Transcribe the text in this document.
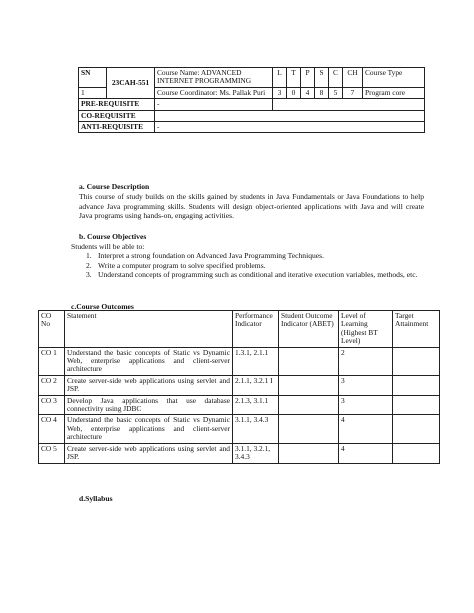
SN	23CAH-551	Course Name: ADVANCED INTERNET PROGRAMMING	L	T	P	S	C	CH	Course Type
1		Course Coordinator: Ms. Pallak Puri	3	0	4	8	5	7	Program core
PRE-REQUISITE		-							
CO-REQUISITE									
ANTI-REQUISITE		-							
a. Course Description
This course of study builds on the skills gained by students in Java Fundamentals or Java Foundations to help advance Java programming skills. Students will design object-oriented applications with Java and will create Java programs using hands-on, engaging activities.
b. Course Objectives
Students will be able to:
1. Interpret a strong foundation on Advanced Java Programming Techniques.
2. Write a computer program to solve specified problems.
3. Understand concepts of programming such as conditional and iterative execution variables, methods, etc.
c.Course Outcomes
CO No	Statement	Performance Indicator	Student Outcome Indicator (ABET)	Level of Learning (Highest BT Level)	Target Attainment
CO 1	Understand the basic concepts of Static vs Dynamic Web, enterprise applications and client-server architecture	1.3.1, 2.1.1		2	
CO 2	Create server-side web applications using servlet and JSP.	2.1.1, 3.2.1 I		3	
CO 3	Develop Java applications that use database connectivity using JDBC	2.1.3, 3.1.1		3	
CO 4	Understand the basic concepts of Static vs Dynamic Web, enterprise applications and client-server architecture	3.1.1, 3.4.3		4	
CO 5	Create server-side web applications using servlet and JSP.	3.1.1, 3.2.1, 3.4.3		4	
d.Syllabus
